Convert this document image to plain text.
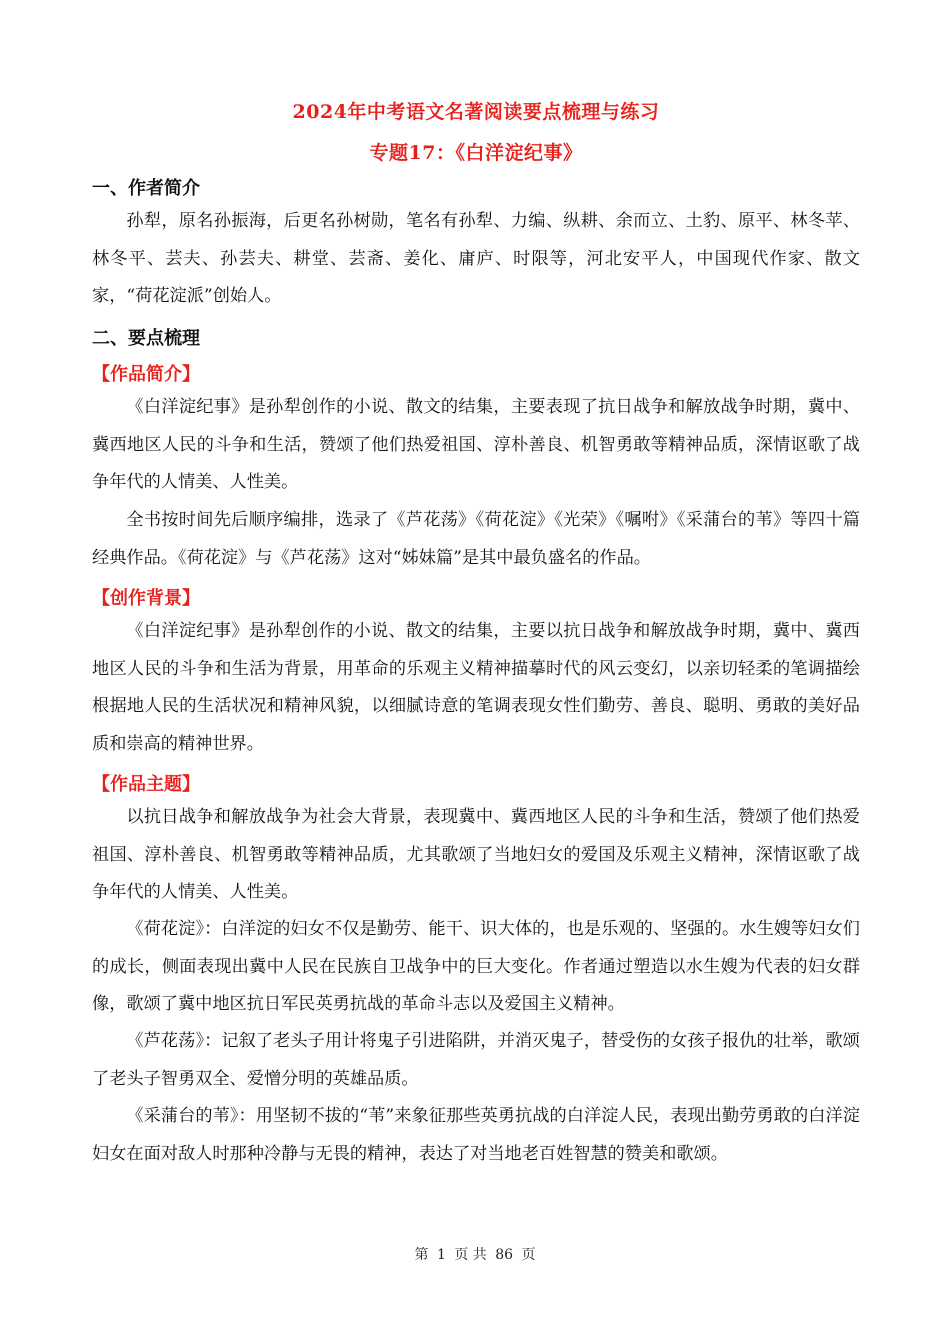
2024年中考语文名著阅读要点梳理与练习
专题17：《白洋淀纪事》
一、作者简介
孙犁，原名孙振海，后更名孙树勋，笔名有孙犁、力编、纵耕、余而立、土豹、原平、林冬苹、林冬平、芸夫、孙芸夫、耕堂、芸斋、姜化、庸庐、时限等，河北安平人，中国现代作家、散文家，“荷花淀派”创始人。
二、要点梳理
【作品简介】
《白洋淀纪事》是孙犁创作的小说、散文的结集，主要表现了抗日战争和解放战争时期，冀中、冀西地区人民的斗争和生活，赞颂了他们热爱祖国、淳朴善良、机智勇敢等精神品质，深情讴歌了战争年代的人情美、人性美。
全书按时间先后顺序编排，选录了《芦花荡》《荷花淀》《光荣》《嘱咐》《采蒲台的苇》等四十篇经典作品。《荷花淀》与《芦花荡》这对“姊妹篇”是其中最负盛名的作品。
【创作背景】
《白洋淀纪事》是孙犁创作的小说、散文的结集，主要以抗日战争和解放战争时期，冀中、冀西地区人民的斗争和生活为背景，用革命的乐观主义精神描摹时代的风云变幻，以亲切轻柔的笔调描绘根据地人民的生活状况和精神风貌，以细腻诗意的笔调表现女性们勤劳、善良、聪明、勇敢的美好品质和崇高的精神世界。
【作品主题】
以抗日战争和解放战争为社会大背景，表现冀中、冀西地区人民的斗争和生活，赞颂了他们热爱祖国、淳朴善良、机智勇敢等精神品质，尤其歌颂了当地妇女的爱国及乐观主义精神，深情讴歌了战争年代的人情美、人性美。
《荷花淀》：白洋淀的妇女不仅是勤劳、能干、识大体的，也是乐观的、坚强的。水生嫂等妇女们的成长，侧面表现出冀中人民在民族自卫战争中的巨大变化。作者通过塑造以水生嫂为代表的妇女群像，歌颂了冀中地区抗日军民英勇抗战的革命斗志以及爱国主义精神。
《芦花荡》：记叙了老头子用计将鬼子引进陷阱，并消灭鬼子，替受伤的女孩子报仇的壮举，歌颂了老头子智勇双全、爱憎分明的英雄品质。
《采蒲台的苇》：用坚韧不拔的“苇”来象征那些英勇抗战的白洋淀人民，表现出勤劳勇敢的白洋淀妇女在面对敌人时那种冷静与无畏的精神，表达了对当地老百姓智慧的赞美和歌颂。
第 1 页 共 86 页
